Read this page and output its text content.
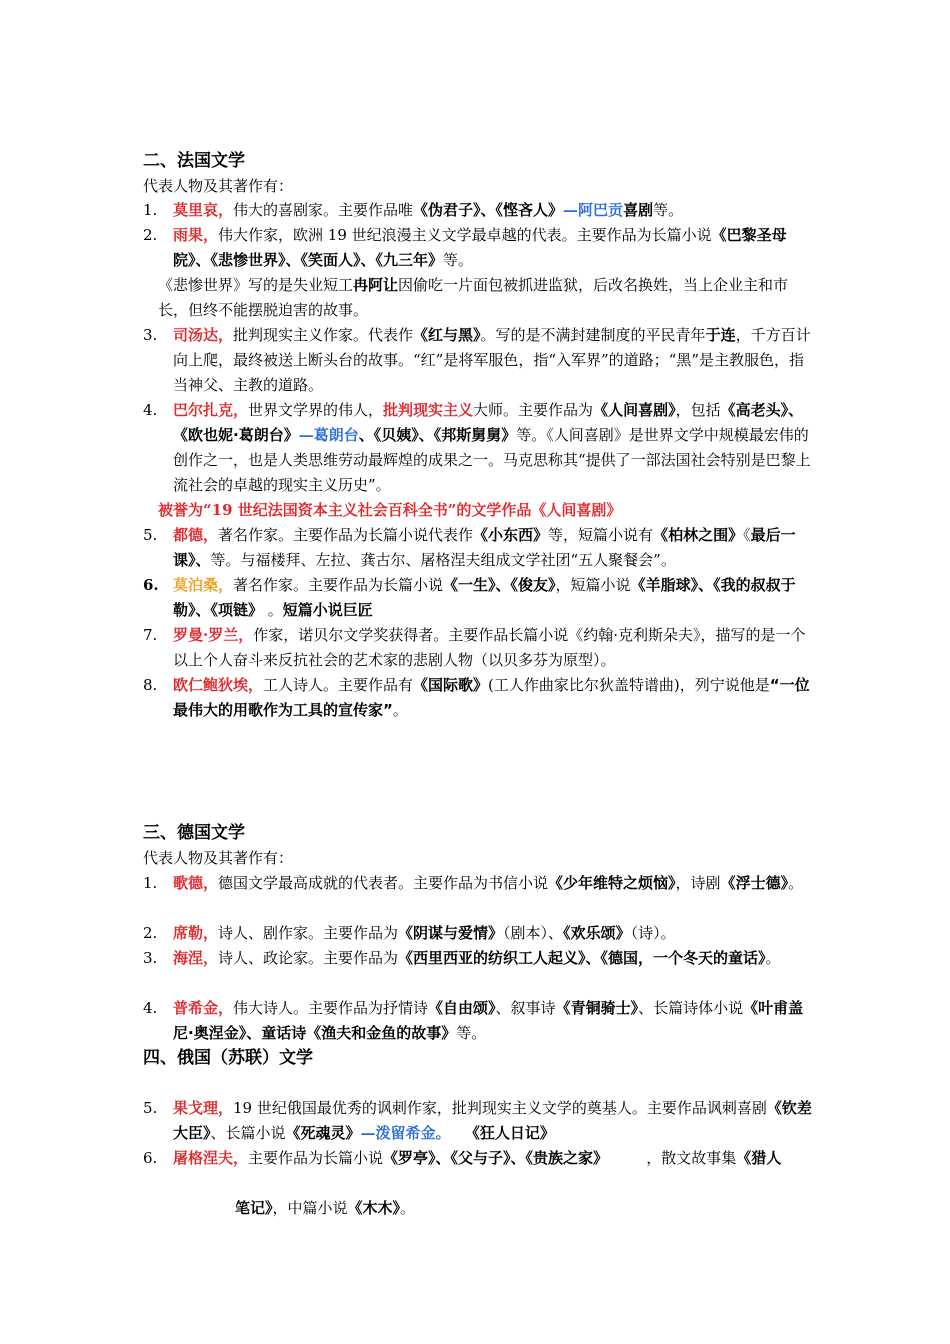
二、法国文学
代表人物及其著作有：
1.	莫里哀，伟大的喜剧家。主要作品唯《伪君子》、《悭吝人》—阿巴贡喜剧等。
2.	雨果，伟大作家，欧洲 19 世纪浪漫主义文学最卓越的代表。主要作品为长篇小说《巴黎圣母院》、《悲惨世界》、《笑面人》、《九三年》等。
《悲惨世界》写的是失业短工冉阿让因偷吃一片面包被抓进监狱，后改名换姓，当上企业主和市长，但终不能摆脱迫害的故事。
3.	司汤达，批判现实主义作家。代表作《红与黑》。写的是不满封建制度的平民青年于连，千方百计向上爬，最终被送上断头台的故事。“红”是将军服色，指“入军界”的道路；“黑”是主教服色，指当神父、主教的道路。
4.	巴尔扎克，世界文学界的伟人，批判现实主义大师。主要作品为《人间喜剧》，包括《高老头》、《欧也妮·葛朗台》—葛朗台、《贝姨》、《邦斯舅舅》等。《人间喜剧》是世界文学中规模最宏伟的创作之一，也是人类思维劳动最辉煌的成果之一。马克思称其“提供了一部法国社会特别是巴黎上流社会的卓越的现实主义历史”。
被誉为“19 世纪法国资本主义社会百科全书”的文学作品《人间喜剧》
5.	都德，著名作家。主要作品为长篇小说代表作《小东西》等，短篇小说有《柏林之围》《最后一课》、等。与福楼拜、左拉、龚古尔、屠格涅夫组成文学社团“五人聚餐会”。
6. 莫泊桑，著名作家。主要作品为长篇小说《一生》、《俊友》，短篇小说《羊脂球》、《我的叔叔于勒》、《项链》 。短篇小说巨匠
7.	罗曼·罗兰，作家，诺贝尔文学奖获得者。主要作品长篇小说《约翰·克利斯朵夫》，描写的是一个以上个人奋斗来反抗社会的艺术家的悲剧人物（以贝多芬为原型）。
8.	欧仁鲍狄埃，工人诗人。主要作品有《国际歌》(工人作曲家比尔狄盖特谱曲)，列宁说他是“一位最伟大的用歌作为工具的宣传家”。
三、德国文学
代表人物及其著作有：
1.	歌德，德国文学最高成就的代表者。主要作品为书信小说《少年维特之烦恼》，诗剧《浮士德》。
2.	席勒，诗人、剧作家。主要作品为《阴谋与爱情》（剧本）、《欢乐颂》（诗）。
3.	海涅，诗人、政论家。主要作品为《西里西亚的纺织工人起义》、《德国，一个冬天的童话》。
4.	普希金，伟大诗人。主要作品为抒情诗《自由颂》、叙事诗《青铜骑士》、长篇诗体小说《叶甫盖尼·奥涅金》、童话诗《渔夫和金鱼的故事》等。
四、俄国（苏联）文学
5.	果戈理，19 世纪俄国最优秀的讽刺作家，批判现实主义文学的奠基人。主要作品讽刺喜剧《钦差大臣》、长篇小说《死魂灵》—泼留希金。 《狂人日记》
6.	屠格涅夫，主要作品为长篇小说《罗亭》、《父与子》、《贵族之家》	，散文故事集《猎人
笔记》，中篇小说《木木》。
